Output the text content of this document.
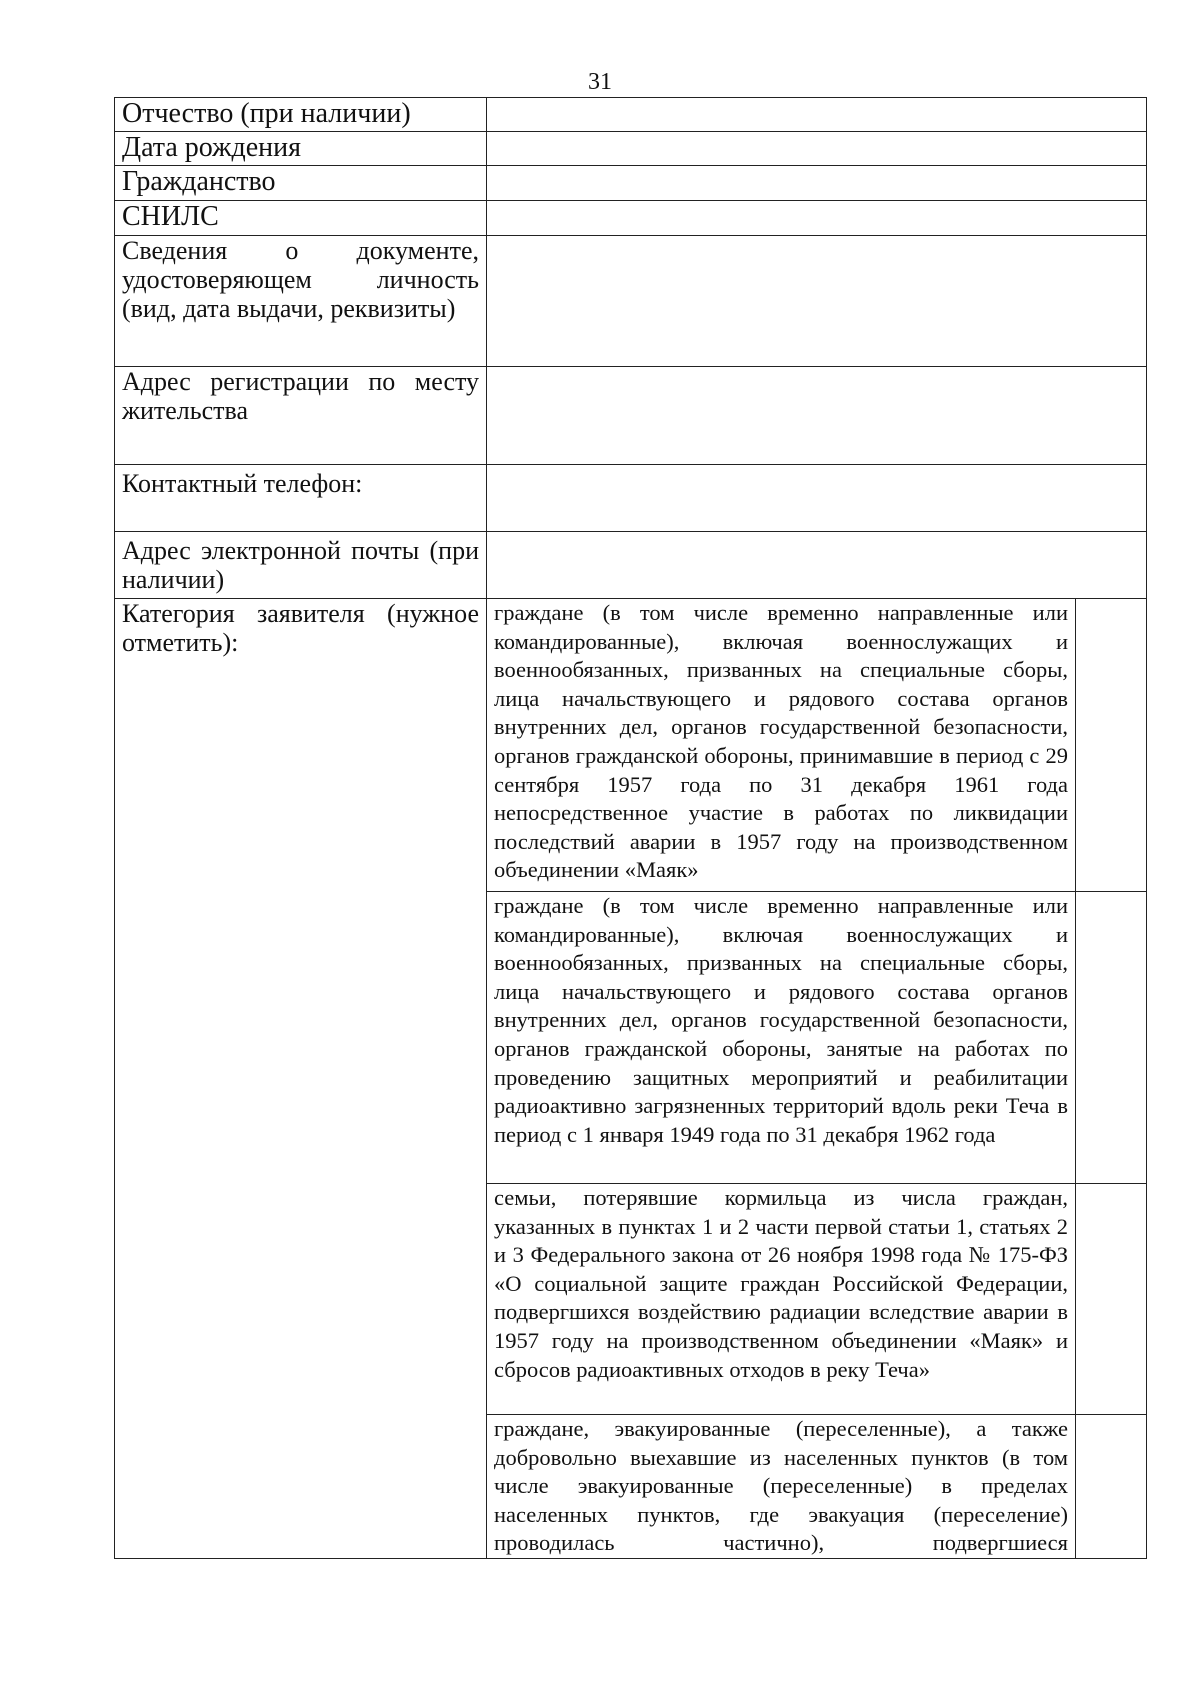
31
Отчество (при наличии)		
Дата рождения		
Гражданство		
СНИЛС		
Сведения о документе, удостоверяющем личность (вид, дата выдачи, реквизиты)		
Адрес регистрации по месту жительства		
Контактный телефон:		
Адрес электронной почты (при наличии)		
Категория заявителя (нужное отметить):	граждане (в том числе временно направленные или командированные), включая военнослужащих и военнообязанных, призванных на специальные сборы, лица начальствующего и рядового состава органов внутренних дел, органов государственной безопасности, органов гражданской обороны, принимавшие в период с 29 сентября 1957 года по 31 декабря 1961 года непосредственное участие в работах по ликвидации последствий аварии в 1957 году на производственном объединении «Маяк»	
	граждане (в том числе временно направленные или командированные), включая военнослужащих и военнообязанных, призванных на специальные сборы, лица начальствующего и рядового состава органов внутренних дел, органов государственной безопасности, органов гражданской обороны, занятые на работах по проведению защитных мероприятий и реабилитации радиоактивно загрязненных территорий вдоль реки Теча в период с 1 января 1949 года по 31 декабря 1962 года	
	семьи, потерявшие кормильца из числа граждан, указанных в пунктах 1 и 2 части первой статьи 1, статьях 2 и 3 Федерального закона от 26 ноября 1998 года № 175-ФЗ «О социальной защите граждан Российской Федерации, подвергшихся воздействию радиации вследствие аварии в 1957 году на производственном объединении «Маяк» и сбросов радиоактивных отходов в реку Теча»	
	граждане, эвакуированные (переселенные), а также добровольно выехавшие из населенных пунктов (в том числе эвакуированные (переселенные) в пределах населенных пунктов, где эвакуация (переселение) проводилась частично), подвергшиеся	
